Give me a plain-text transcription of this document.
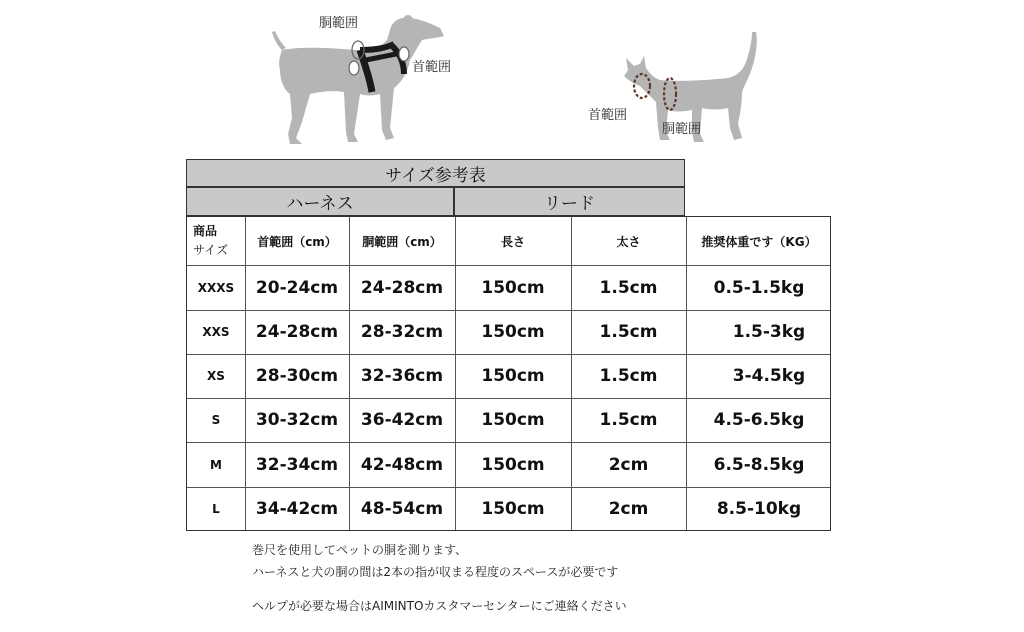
胴範囲
首範囲
首範囲
胴範囲
サイズ参考表
ハーネス	リード
商品
サイズ
首範囲（cm）	胴範囲（cm）	長さ	太さ	推奨体重です（KG）
XXXS	20-24cm	24-28cm	150cm	1.5cm	0.5-1.5kg
XXS	24-28cm	28-32cm	150cm	1.5cm	1.5-3kg
XS	28-30cm	32-36cm	150cm	1.5cm	3-4.5kg
S	30-32cm	36-42cm	150cm	1.5cm	4.5-6.5kg
M	32-34cm	42-48cm	150cm	2cm	6.5-8.5kg
L	34-42cm	48-54cm	150cm	2cm	8.5-10kg
巻尺を使用してペットの胴を測ります、
ハーネスと犬の胴の間は2本の指が収まる程度のスペースが必要です
ヘルプが必要な場合はAIMINTOカスタマーセンターにご連絡ください
